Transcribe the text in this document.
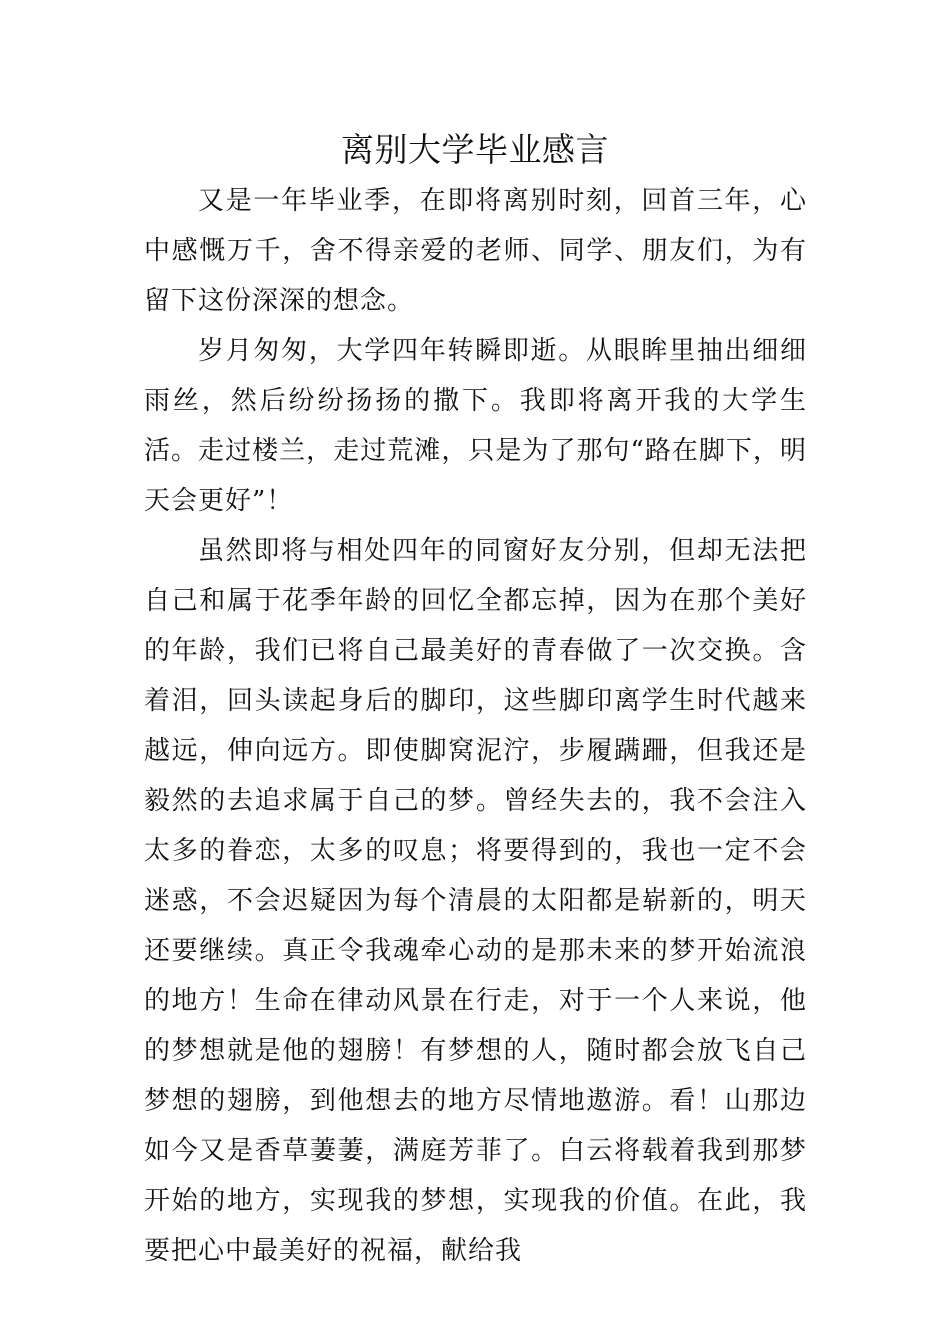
离别大学毕业感言

又是一年毕业季，在即将离别时刻，回首三年，心中感慨万千，舍不得亲爱的老师、同学、朋友们，为有留下这份深深的想念。

岁月匆匆，大学四年转瞬即逝。从眼眸里抽出细细雨丝，然后纷纷扬扬的撒下。我即将离开我的大学生活。走过楼兰，走过荒滩，只是为了那句“路在脚下，明天会更好”！

虽然即将与相处四年的同窗好友分别，但却无法把自己和属于花季年龄的回忆全都忘掉，因为在那个美好的年龄，我们已将自己最美好的青春做了一次交换。含着泪，回头读起身后的脚印，这些脚印离学生时代越来越远，伸向远方。即使脚窝泥泞，步履蹒跚，但我还是毅然的去追求属于自己的梦。曾经失去的，我不会注入太多的眷恋，太多的叹息；将要得到的，我也一定不会迷惑，不会迟疑因为每个清晨的太阳都是崭新的，明天还要继续。真正令我魂牵心动的是那未来的梦开始流浪的地方！生命在律动风景在行走，对于一个人来说，他的梦想就是他的翅膀！有梦想的人，随时都会放飞自己梦想的翅膀，到他想去的地方尽情地遨游。看！山那边如今又是香草萋萋，满庭芳菲了。白云将载着我到那梦开始的地方，实现我的梦想，实现我的价值。在此，我要把心中最美好的祝福，献给我
